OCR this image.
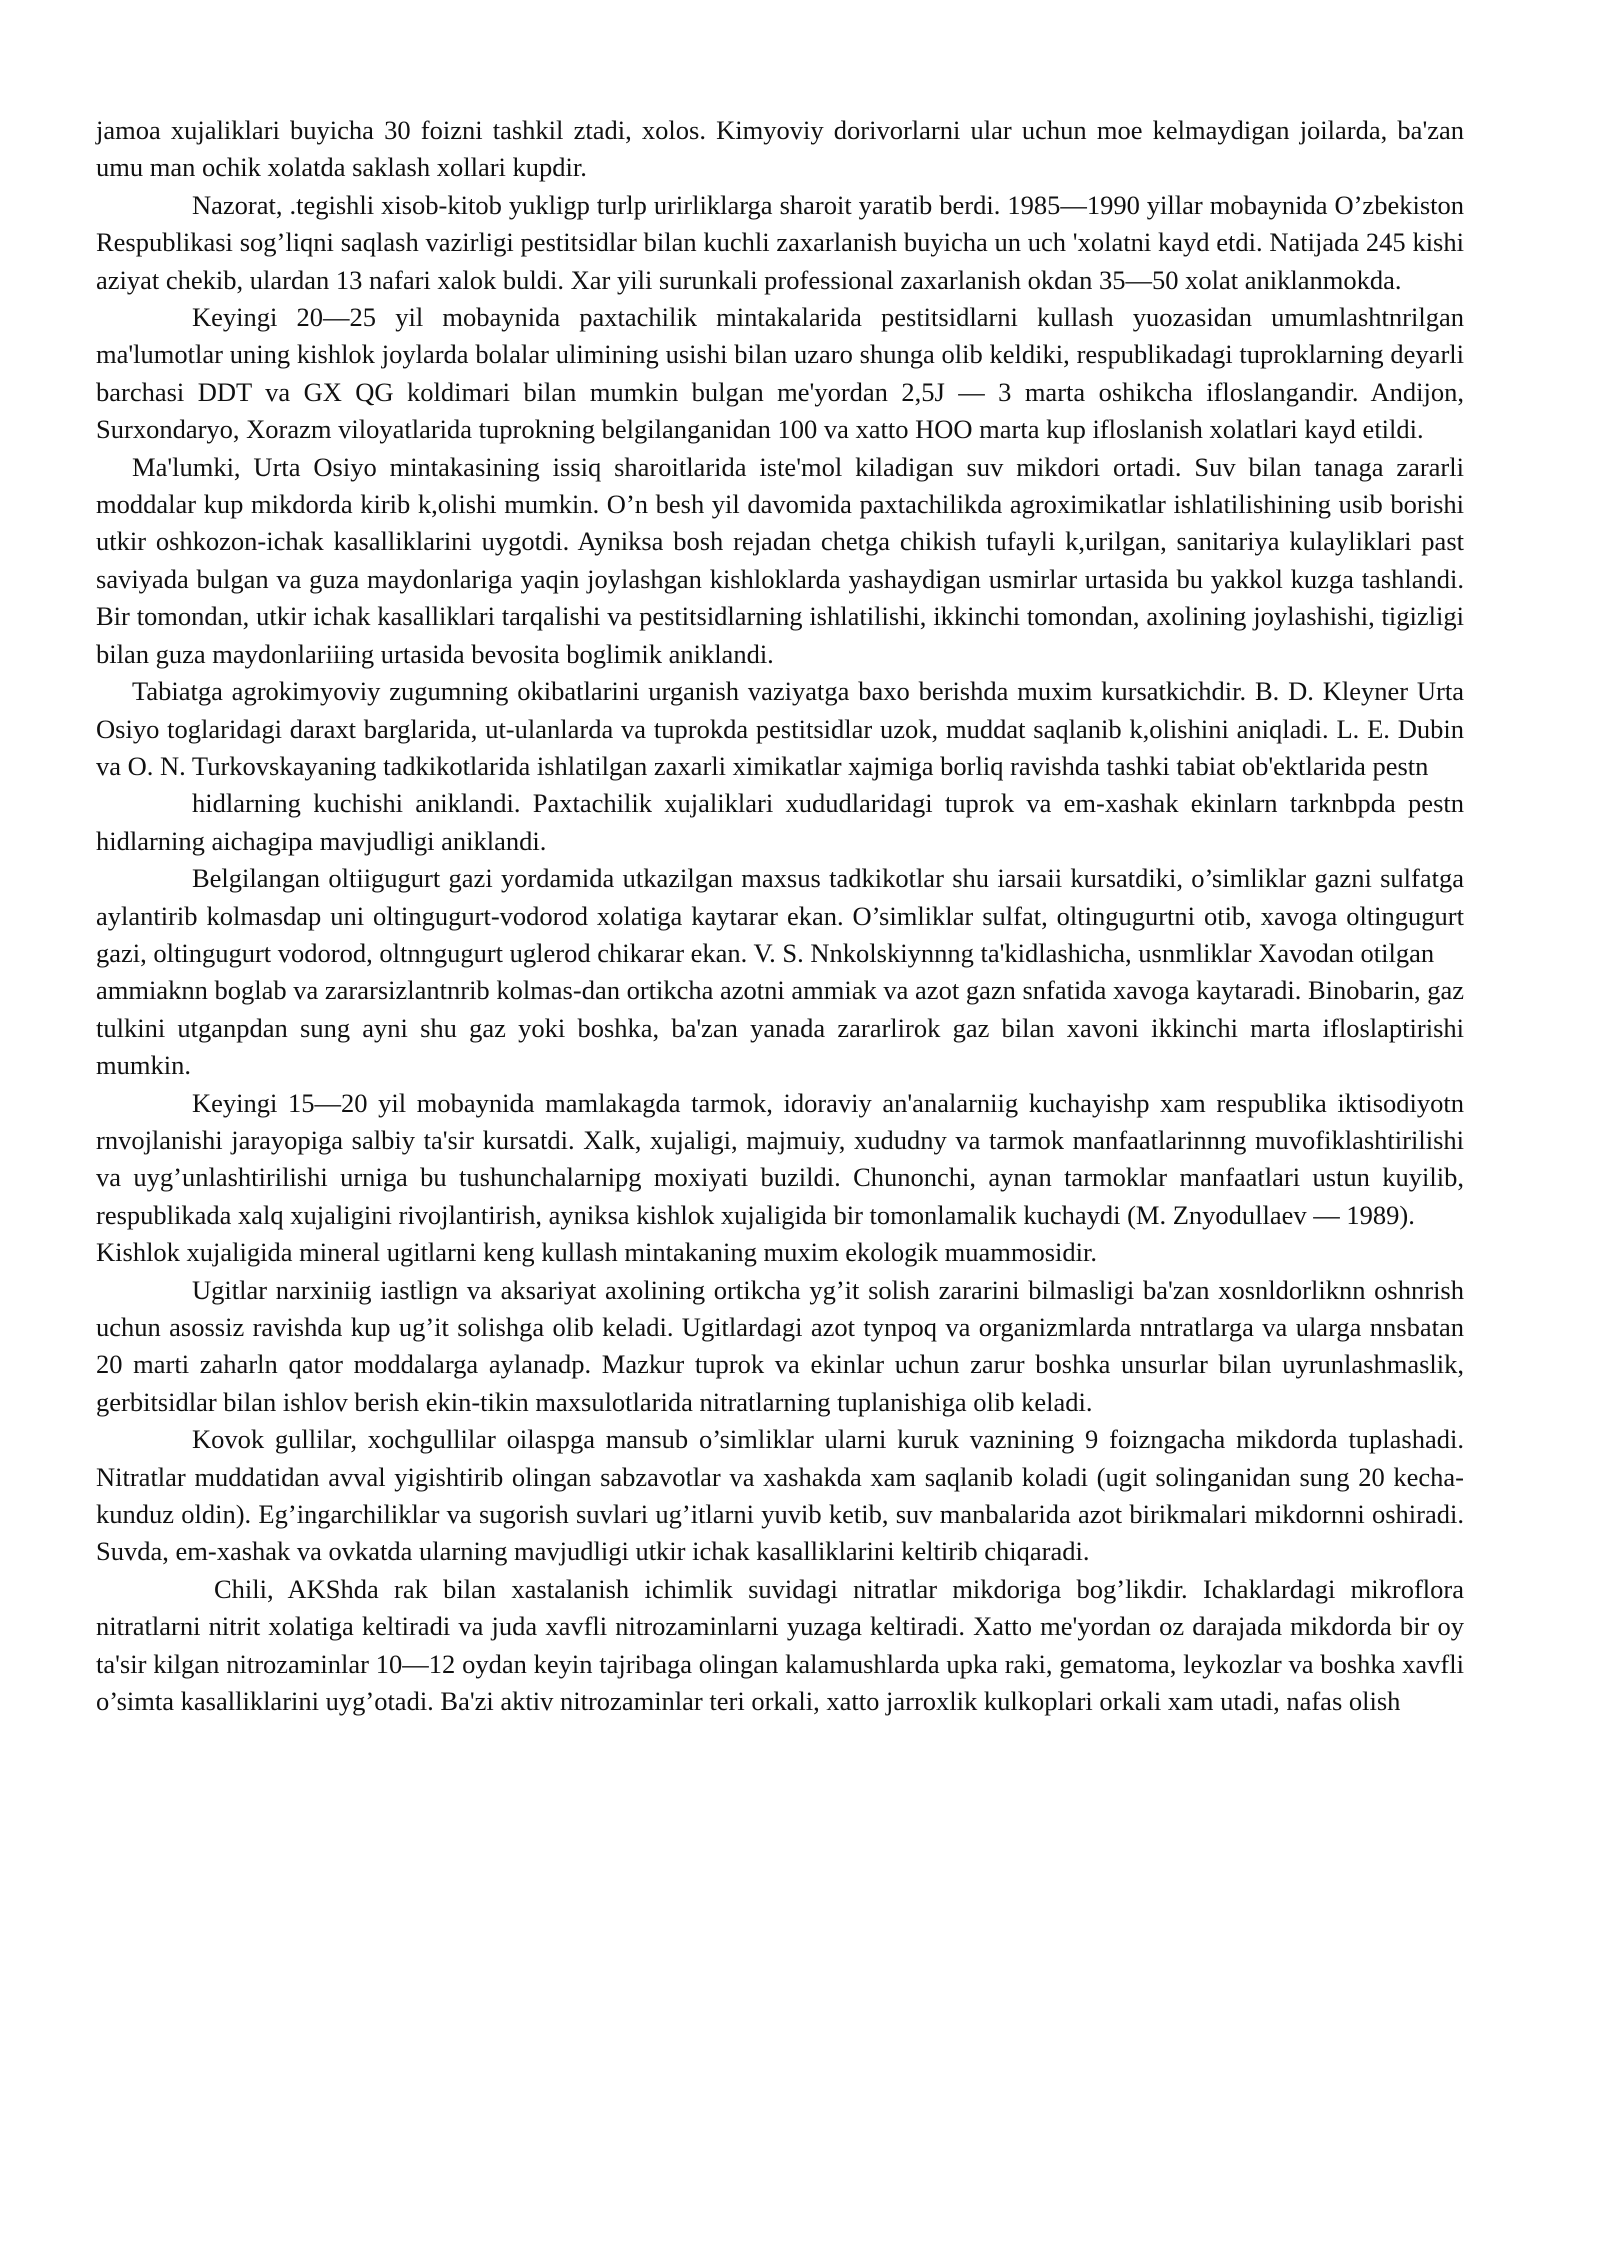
jamoa xujaliklari buyicha 30 foizni tashkil ztadi, xolos. Kimyoviy dorivorlarni ular uchun moe kelmaydigan joilarda, ba'zan umu man ochik xolatda saklash xollari kupdir.

Nazorat, .tegishli xisob-kitob yukligp turlp urirliklarga sharoit yaratib berdi. 1985—1990 yillar mobaynida O’zbekiston Respublikasi sog’liqni saqlash vazirligi pestitsidlar bilan kuchli zaxarlanish buyicha un uch 'xolatni kayd etdi. Natijada 245 kishi aziyat chekib, ulardan 13 nafari xalok buldi. Xar yili surunkali professional zaxarlanish okdan 35—50 xolat aniklanmokda.

Keyingi 20—25 yil mobaynida paxtachilik mintakalarida pestitsidlarni kullash yuozasidan umumlashtnrilgan ma'lumotlar uning kishlok joylarda bolalar ulimining usishi bilan uzaro shunga olib keldiki, respublikadagi tuproklarning deyarli barchasi DDT va GX QG koldimari bilan mumkin bulgan me'yordan 2,5J — 3 marta oshikcha ifloslangandir. Andijon, Surxondaryo, Xorazm viloyatlarida tuprokning belgilanganidan 100 va xatto HOO marta kup ifloslanish xolatlari kayd etildi.

Ma'lumki, Urta Osiyo mintakasining issiq sharoitlarida iste'mol kiladigan suv mikdori ortadi. Suv bilan tanaga zararli moddalar kup mikdorda kirib k,olishi mumkin. O’n besh yil davomida paxtachilikda agroximikatlar ishlatilishining usib borishi utkir oshkozon-ichak kasalliklarini uygotdi. Ayniksa bosh rejadan chetga chikish tufayli k,urilgan, sanitariya kulayliklari past saviyada bulgan va guza maydonlariga yaqin joylashgan kishloklarda yashaydigan usmirlar urtasida bu yakkol kuzga tashlandi. Bir tomondan, utkir ichak kasalliklari tarqalishi va pestitsidlarning ishlatilishi, ikkinchi tomondan, axolining joylashishi, tigizligi bilan guza maydonlariiing urtasida bevosita boglimik aniklandi.

Tabiatga agrokimyoviy zugumning okibatlarini urganish vaziyatga baxo berishda muxim kursatkichdir. B. D. Kleyner Urta Osiyo toglaridagi daraxt barglarida, ut-ulanlarda va tuprokda pestitsidlar uzok, muddat saqlanib k,olishini aniqladi. L. E. Dubin va O. N. Turkovskayaning tadkikotlarida ishlatilgan zaxarli ximikatlar xajmiga borliq ravishda tashki tabiat ob'ektlarida pestn

hidlarning kuchishi aniklandi. Paxtachilik xujaliklari xududlaridagi tuprok va em-xashak ekinlarn tarknbpda pestn hidlarning aichagipa mavjudligi aniklandi.

Belgilangan oltiigugurt gazi yordamida utkazilgan maxsus tadkikotlar shu iarsaii kursatdiki, o’simliklar gazni sulfatga aylantirib kolmasdap uni oltingugurt-vodorod xolatiga kaytarar ekan. O’simliklar sulfat, oltingugurtni otib, xavoga oltingugurt gazi, oltingugurt vodorod, oltnngugurt uglerod chikarar ekan. V. S. Nnkolskiynnng ta'kidlashicha, usnmliklar Xavodan otilgan

ammiaknn boglab va zararsizlantnrib kolmas-dan ortikcha azotni ammiak va azot gazn snfatida xavoga kaytaradi. Binobarin, gaz tulkini utganpdan sung ayni shu gaz yoki boshka, ba'zan yanada zararlirok gaz bilan xavoni ikkinchi marta ifloslaptirishi mumkin.

Keyingi 15—20 yil mobaynida mamlakagda tarmok, idoraviy an'analarniig kuchayishp xam respublika iktisodiyotn rnvojlanishi jarayopiga salbiy ta'sir kursatdi. Xalk, xujaligi, majmuiy, xududny va tarmok manfaatlarinnng muvofiklashtirilishi va uyg’unlashtirilishi urniga bu tushunchalarnipg moxiyati buzildi. Chunonchi, aynan tarmoklar manfaatlari ustun kuyilib, respublikada xalq xujaligini rivojlantirish, ayniksa kishlok xujaligida bir tomonlamalik kuchaydi (M. Znyodullaev — 1989).

Kishlok xujaligida mineral ugitlarni keng kullash mintakaning muxim ekologik muammosidir.

Ugitlar narxiniig iastlign va aksariyat axolining ortikcha yg’it solish zararini bilmasligi ba'zan xosnldorliknn oshnrish uchun asossiz ravishda kup ug’it solishga olib keladi. Ugitlardagi azot tynpoq va organizmlarda nntratlarga va ularga nnsbatan 20 marti zaharln qator moddalarga aylanadp. Mazkur tuprok va ekinlar uchun zarur boshka unsurlar bilan uyrunlashmaslik, gerbitsidlar bilan ishlov berish ekin-tikin maxsulotlarida nitratlarning tuplanishiga olib keladi.

Kovok gullilar, xochgullilar oilaspga mansub o’simliklar ularni kuruk vaznining 9 foizngacha mikdorda tuplashadi. Nitratlar muddatidan avval yigishtirib olingan sabzavotlar va xashakda xam saqlanib koladi (ugit solinganidan sung 20 kecha-kunduz oldin). Eg’ingarchiliklar va sugorish suvlari ug’itlarni yuvib ketib, suv manbalarida azot birikmalari mikdornni oshiradi. Suvda, em-xashak va ovkatda ularning mavjudligi utkir ichak kasalliklarini keltirib chiqaradi.

Chili, AKShda rak bilan xastalanish ichimlik suvidagi nitratlar mikdoriga bog’likdir. Ichaklardagi mikroflora nitratlarni nitrit xolatiga keltiradi va juda xavfli nitrozaminlarni yuzaga keltiradi. Xatto me'yordan oz darajada mikdorda bir oy ta'sir kilgan nitrozaminlar 10—12 oydan keyin tajribaga olingan kalamushlarda upka raki, gematoma, leykozlar va boshka xavfli o’simta kasalliklarini uyg’otadi. Ba'zi aktiv nitrozaminlar teri orkali, xatto jarroxlik kulkoplari orkali xam utadi, nafas olish
